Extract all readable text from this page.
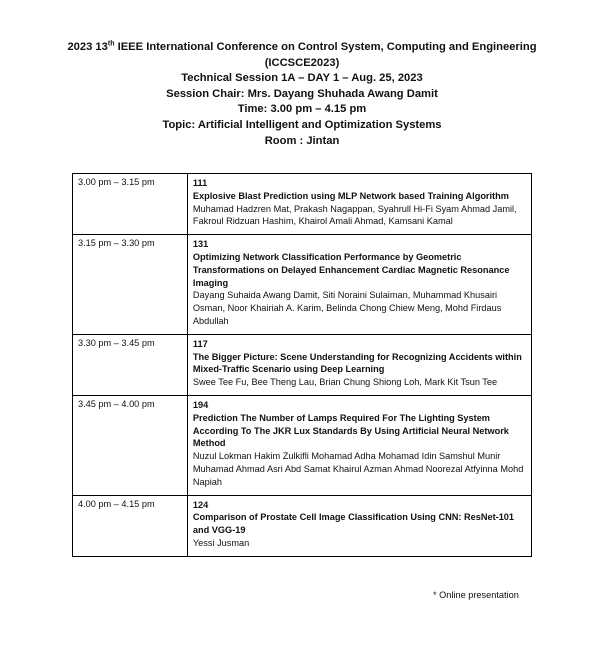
2023 13th IEEE International Conference on Control System, Computing and Engineering
(ICCSCE2023)
Technical Session 1A – DAY 1 – Aug. 25, 2023
Session Chair: Mrs. Dayang Shuhada Awang Damit
Time: 3.00 pm – 4.15 pm
Topic: Artificial Intelligent and Optimization Systems
Room : Jintan
3.00 pm – 3.15 pm	111
Explosive Blast Prediction using MLP Network based Training Algorithm
Muhamad Hadzren Mat, Prakash Nagappan, Syahrull Hi-Fi Syam Ahmad Jamil, Fakroul Ridzuan Hashim, Khairol Amali Ahmad, Kamsani Kamal

3.15 pm – 3.30 pm	131
Optimizing Network Classification Performance by Geometric Transformations on Delayed Enhancement Cardiac Magnetic Resonance Imaging
Dayang Suhaida Awang Damit, Siti Noraini Sulaiman, Muhammad Khusairi Osman, Noor Khairiah A. Karim, Belinda Chong Chiew Meng, Mohd Firdaus Abdullah

3.30 pm – 3.45 pm	117
The Bigger Picture: Scene Understanding for Recognizing Accidents within Mixed-Traffic Scenario using Deep Learning
Swee Tee Fu, Bee Theng Lau, Brian Chung Shiong Loh, Mark Kit Tsun Tee

3.45 pm – 4.00 pm	194
Prediction The Number of Lamps Required For The Lighting System According To The JKR Lux Standards By Using Artificial Neural Network Method
Nuzul Lokman Hakim Zulkifli Mohamad Adha Mohamad Idin Samshul Munir Muhamad Ahmad Asri Abd Samat Khairul Azman Ahmad Noorezal Atfyinna Mohd Napiah

4.00 pm – 4.15 pm	124
Comparison of Prostate Cell Image Classification Using CNN: ResNet-101 and VGG-19
Yessi Jusman
* Online presentation
